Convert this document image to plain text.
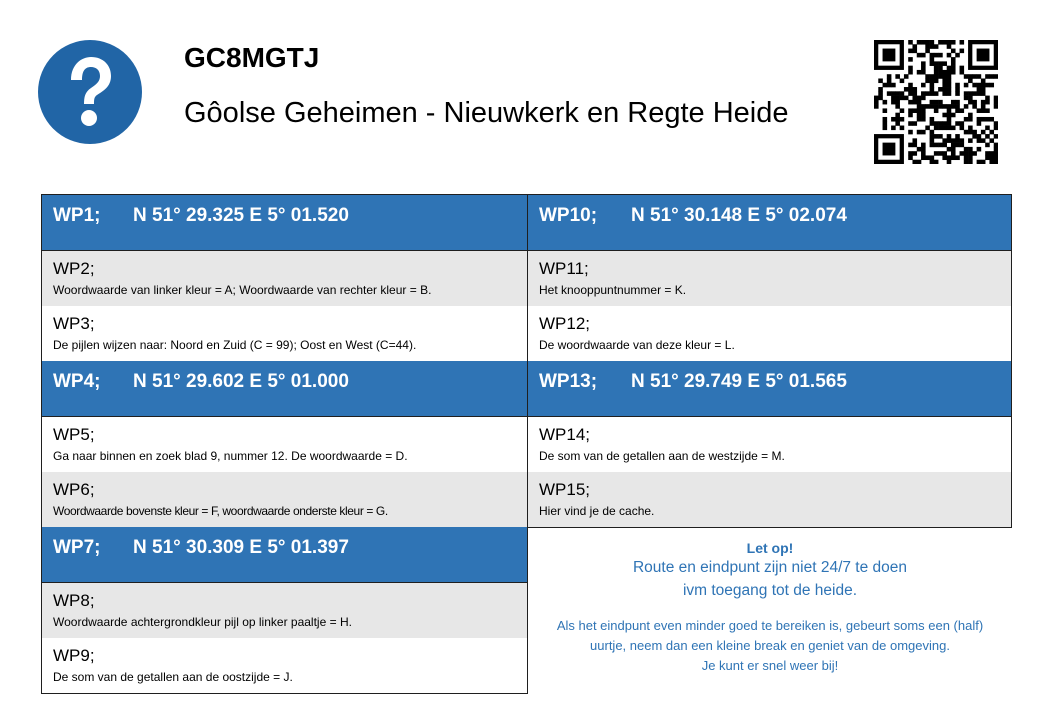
GC8MGTJ
Gôolse Geheimen - Nieuwkerk en Regte Heide
WP1; N 51° 29.325 E 5° 01.520
WP2;
Woordwaarde van linker kleur = A; Woordwaarde van rechter kleur = B.
WP3;
De pijlen wijzen naar: Noord en Zuid (C = 99); Oost en West (C=44).
WP4; N 51° 29.602 E 5° 01.000
WP5;
Ga naar binnen en zoek blad 9, nummer 12. De woordwaarde = D.
WP6;
Woordwaarde bovenste kleur = F, woordwaarde onderste kleur = G.
WP7; N 51° 30.309 E 5° 01.397
WP8;
Woordwaarde achtergrondkleur pijl op linker paaltje = H.
WP9;
De som van de getallen aan de oostzijde = J.
WP10; N 51° 30.148 E 5° 02.074
WP11;
Het knooppuntnummer = K.
WP12;
De woordwaarde van deze kleur = L.
WP13; N 51° 29.749 E 5° 01.565
WP14;
De som van de getallen aan de westzijde = M.
WP15;
Hier vind je de cache.
Let op!
Route en eindpunt zijn niet 24/7 te doen
ivm toegang tot de heide.
Als het eindpunt even minder goed te bereiken is, gebeurt soms een (half) uurtje, neem dan een kleine break en geniet van de omgeving.
Je kunt er snel weer bij!
